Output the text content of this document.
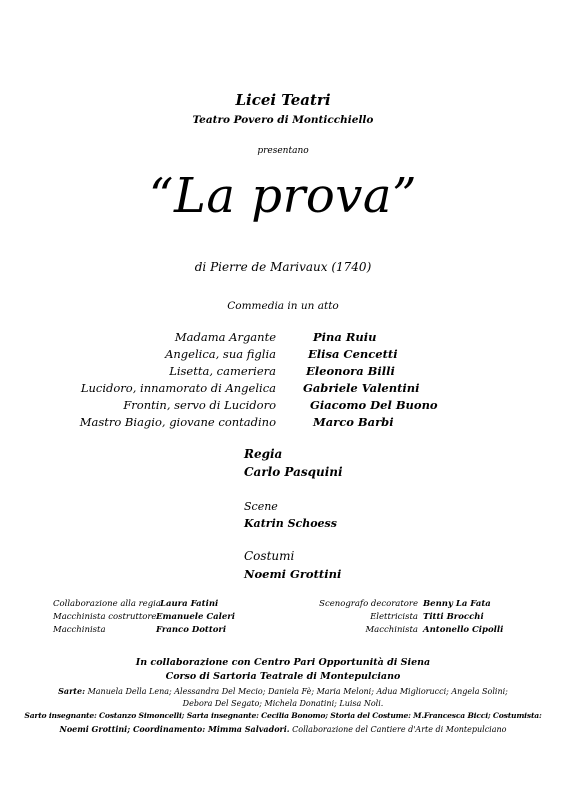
Licei Teatri
Teatro Povero di Monticchiello
presentano
“La prova”
di Pierre de Marivaux (1740)
Commedia in un atto
Madama Argante	Pina Ruiu
Angelica, sua figlia	Elisa Cencetti
Lisetta, cameriera	Eleonora Billi
Lucidoro, innamorato di Angelica Gabriele Valentini
Frontin, servo di Lucidoro	Giacomo Del Buono
Mastro Biagio, giovane contadino	Marco Barbi
Regia
Carlo Pasquini
Scene
Katrin Schoess
Costumi
Noemi Grottini
Collaborazione alla regia Laura Fatini
Macchinista costruttore Emanuele Caleri
Macchinista	Franco Dottori
Scenografo decoratore Benny La Fata
Elettricista Titti Brocchi
Macchinista Antonello Cipolli
In collaborazione con Centro Pari Opportunità di Siena
Corso di Sartoria Teatrale di Montepulciano
Sarte: Manuela Della Lena; Alessandra Del Mecio; Daniela Fè; Maria Meloni; Adua Migliorucci; Angela Solini;
Debora Del Segato; Michela Donatini; Luisa Noli.
Sarto insegnante: Costanzo Simoncelli; Sarta insegnante: Cecilia Bonomo; Storia del Costume: M.Francesca Bicci; Costumista:
Noemi Grottini; Coordinamento: Mimma Salvadori. Collaborazione del Cantiere d'Arte di Montepulciano
